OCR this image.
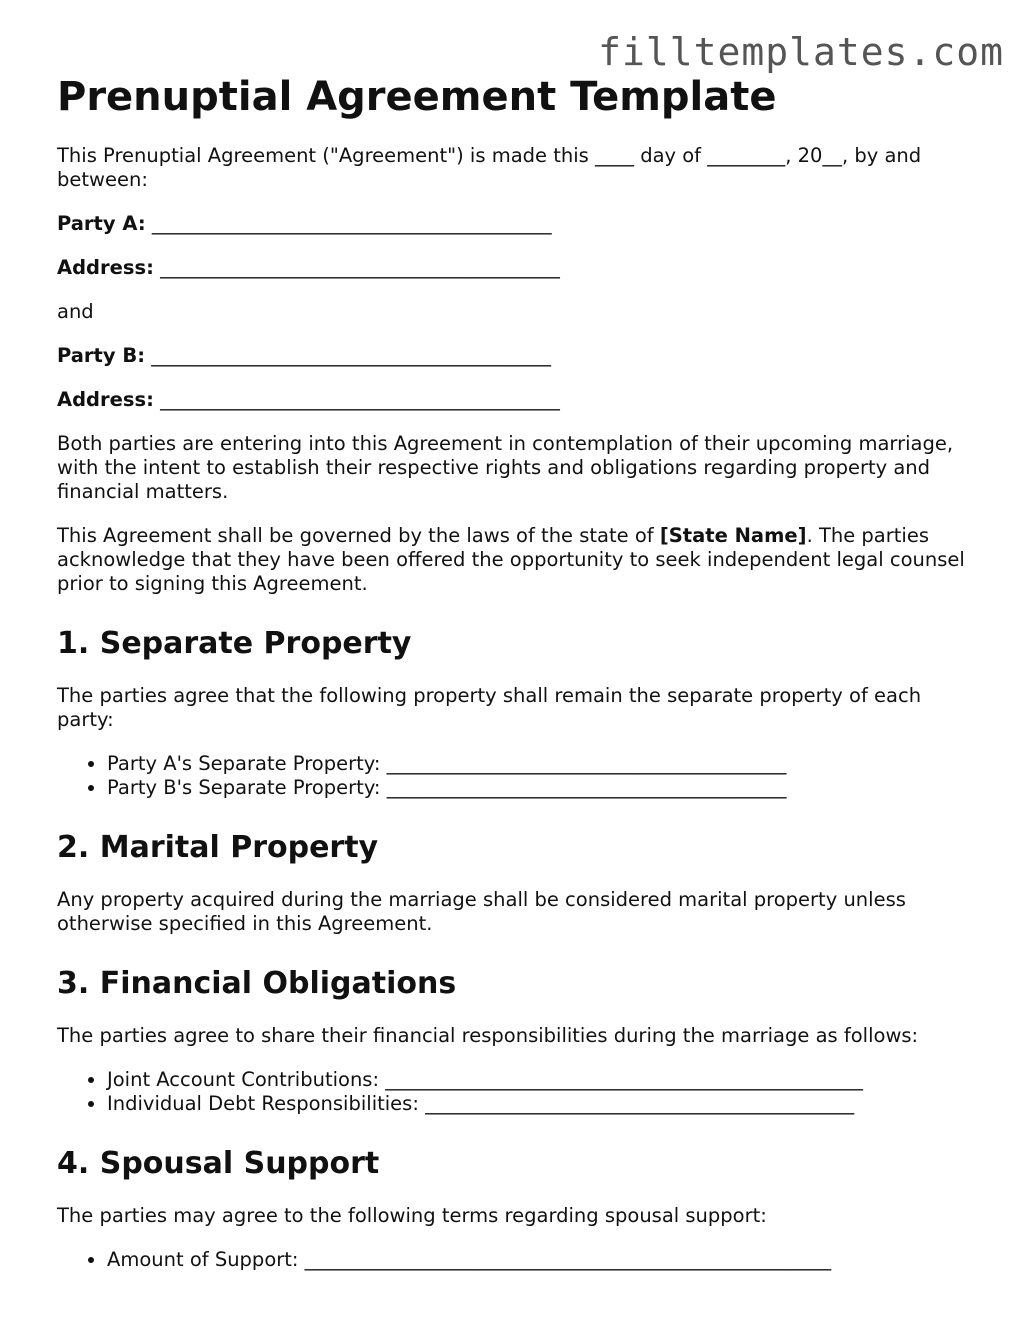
filltemplates.com
Prenuptial Agreement Template

This Prenuptial Agreement ("Agreement") is made this ____ day of ________, 20__, by and between:

Party A: _________________________________________
Address: _________________________________________

and

Party B: _________________________________________
Address: _________________________________________

Both parties are entering into this Agreement in contemplation of their upcoming marriage, with the intent to establish their respective rights and obligations regarding property and financial matters.

This Agreement shall be governed by the laws of the state of [State Name]. The parties acknowledge that they have been offered the opportunity to seek independent legal counsel prior to signing this Agreement.

1. Separate Property

The parties agree that the following property shall remain the separate property of each party:

• Party A's Separate Property: _________________________________________
• Party B's Separate Property: _________________________________________
2. Marital Property

Any property acquired during the marriage shall be considered marital property unless otherwise specified in this Agreement.

3. Financial Obligations

The parties agree to share their financial responsibilities during the marriage as follows:

• Joint Account Contributions: _________________________________________________
• Individual Debt Responsibilities: ____________________________________________
4. Spousal Support

The parties may agree to the following terms regarding spousal support:

• Amount of Support: ______________________________________________________
